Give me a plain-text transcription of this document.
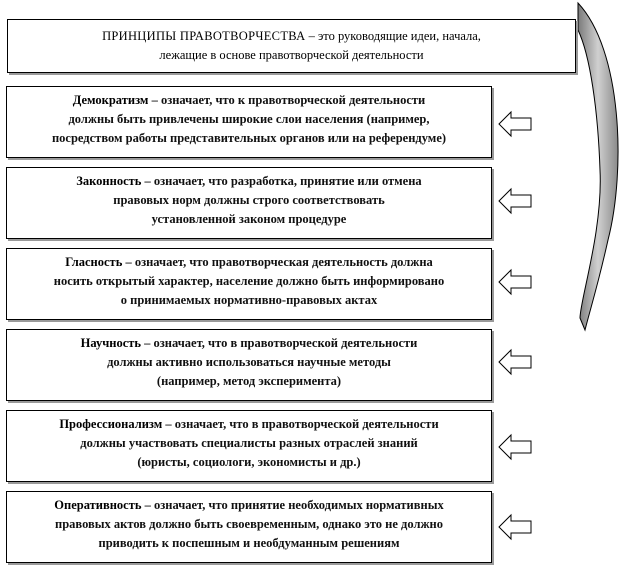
ПРИНЦИПЫ ПРАВОТВОРЧЕСТВА – это руководящие идеи, начала,
лежащие в основе правотворческой деятельности
Демократизм – означает, что к правотворческой деятельности
должны быть привлечены широкие слои населения (например,
посредством работы представительных органов или на референдуме)
Законность – означает, что разработка, принятие или отмена
правовых норм должны строго соответствовать
установленной законом процедуре
Гласность – означает, что правотворческая деятельность должна
носить открытый характер, население должно быть информировано
о принимаемых нормативно-правовых актах
Научность – означает, что в правотворческой деятельности
должны активно использоваться научные методы
(например, метод эксперимента)
Профессионализм – означает, что в правотворческой деятельности
должны участвовать специалисты разных отраслей знаний
(юристы, социологи, экономисты и др.)
Оперативность – означает, что принятие необходимых нормативных
правовых актов должно быть своевременным, однако это не должно
приводить к поспешным и необдуманным решениям
